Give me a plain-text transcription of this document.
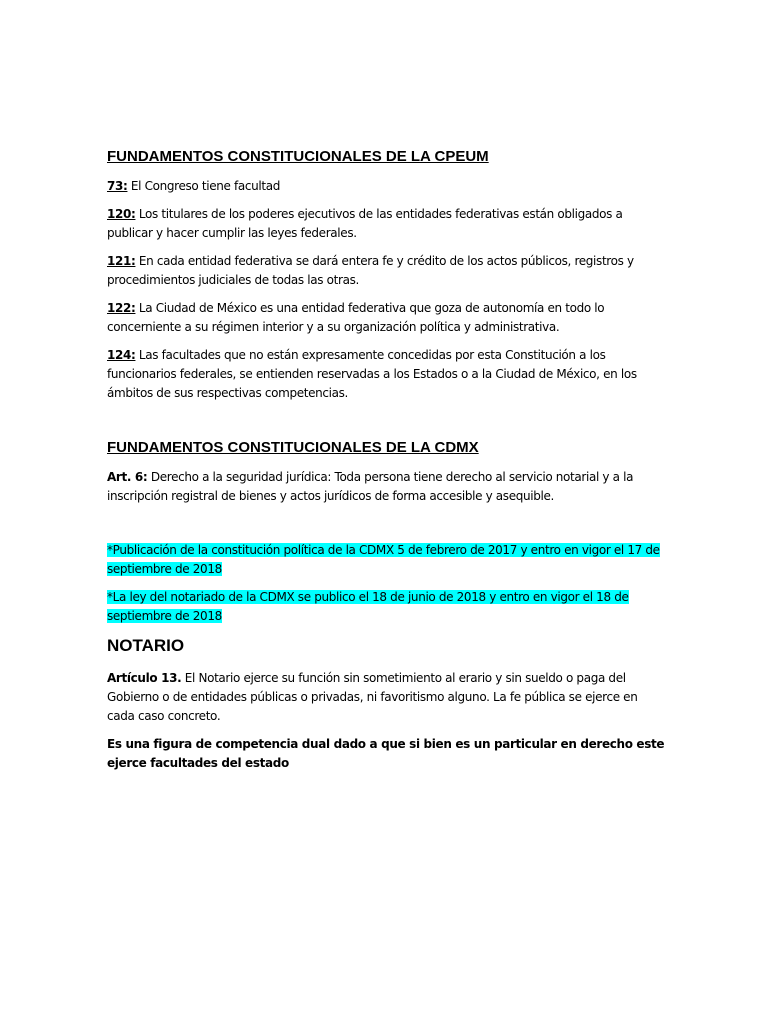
FUNDAMENTOS CONSTITUCIONALES DE LA CPEUM

73: El Congreso tiene facultad

120: Los titulares de los poderes ejecutivos de las entidades federativas están obligados a publicar y hacer cumplir las leyes federales.

121: En cada entidad federativa se dará entera fe y crédito de los actos públicos, registros y procedimientos judiciales de todas las otras.

122: La Ciudad de México es una entidad federativa que goza de autonomía en todo lo concerniente a su régimen interior y a su organización política y administrativa.

124: Las facultades que no están expresamente concedidas por esta Constitución a los funcionarios federales, se entienden reservadas a los Estados o a la Ciudad de México, en los ámbitos de sus respectivas competencias.

FUNDAMENTOS CONSTITUCIONALES DE LA CDMX

Art. 6: Derecho a la seguridad jurídica: Toda persona tiene derecho al servicio notarial y a la inscripción registral de bienes y actos jurídicos de forma accesible y asequible.

*Publicación de la constitución política de la CDMX 5 de febrero de 2017 y entro en vigor el 17 de septiembre de 2018

*La ley del notariado de la CDMX se publico el 18 de junio de 2018 y entro en vigor el 18 de septiembre de 2018

NOTARIO

Artículo 13. El Notario ejerce su función sin sometimiento al erario y sin sueldo o paga del Gobierno o de entidades públicas o privadas, ni favoritismo alguno. La fe pública se ejerce en cada caso concreto.

Es una figura de competencia dual dado a que si bien es un particular en derecho este ejerce facultades del estado
